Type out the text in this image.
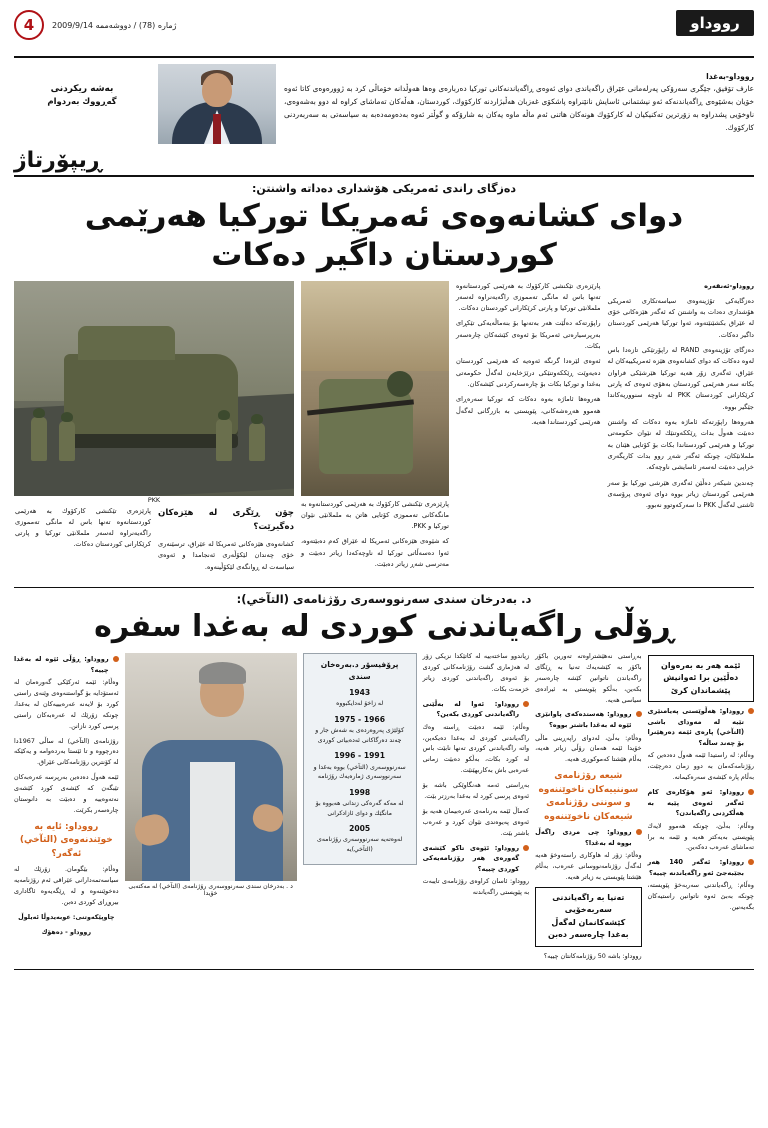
رووداو
ژماره (78) / دووشه‌ممه‌ 2009/9/14
4
رووداو-به‌غدا
عارف تۆفیق، جێگری سه‌رۆكی په‌رله‌مانی عێراق راگه‌یاندی دوای ئه‌وه‌ی ڕاگه‌یاندنه‌كانی توركیا ده‌رباره‌ی وه‌ها هه‌وڵدانه‌ خۆماڵی كرد به‌ ژووره‌وه‌ی كاتا ئه‌وه‌ خۆیان به‌شێوه‌ی ڕاگه‌یاندنه‌كه‌ ئه‌و نیشتمانی ئاسایش نانێنراوه‌ پاشكۆی غه‌زبان هه‌ڵبژاردنه‌ كاركۆوك، كوردستان، هه‌ڵه‌كان ته‌ماشای كراوه‌ له‌ دوو به‌شه‌وه‌ی، ناوخۆیی پشدراوه‌ به‌ زۆرترین ته‌كنیكیان له‌ كاركۆوك هونه‌كان هاتنی ئه‌م ماڵه‌ ماوه‌ یه‌كان به‌ شارۆكه‌ و گوڵتر ئه‌وه‌ به‌ده‌ومه‌ده‌به‌ به‌ سیاسه‌تی به‌ سه‌ربه‌ردنی كاركۆوك.
به‌شه‌ ریکردنی
گه‌ڕووك به‌ردوام
ڕیپۆرتاژ
ده‌زگای راندی ئه‌مریكی هۆشداری ده‌داته‌ واشنتن:
دوای كشانه‌وه‌ی ئه‌مریكا توركیا هه‌رێمی كوردستان داگیر ده‌كات

رووداو-ئه‌نقه‌ره‌

ده‌زگایه‌كی تۆژینه‌وه‌ی سیاسه‌تكاری ئه‌مریكی هۆشداری ده‌دات به‌ واشنتن كه‌ ئه‌گه‌ر هێزه‌كانی خۆی له‌ عێراق بكشێنێته‌وه‌، ئه‌وا توركیا هه‌رێمی كوردستان داگیر ده‌كات.

ده‌زگای تۆژینه‌وه‌ی RAND له‌ راپۆرتێكی تازه‌دا باس له‌وه‌ ده‌كات كه‌ دوای كشانه‌وه‌ی هێزه‌ ئه‌مریكییه‌كان له‌ عێراق، ئه‌گه‌ری زۆر هه‌یه‌ توركیا هێرشێكی فراوان بكاته‌ سه‌ر هه‌رێمی كوردستان به‌هۆی ئه‌وه‌ی كه‌ پارتی كرێكارانی كوردستان PKK له‌ ناوچه‌ سنووریه‌كاندا جێگیر بووه‌.

هه‌روه‌ها راپۆرته‌كه‌ ئاماژه‌ به‌وه‌ ده‌كات كه‌ واشنتن ده‌بێت هه‌وڵ بدات ڕێككه‌وتنێك له‌ نێوان حكومه‌تی توركیا و هه‌رێمی كوردستاندا بكات بۆ كۆتایی هێنان به‌ ململانێكان، چونكه‌ ئه‌گه‌ر شه‌ڕ روو بدات كاریگه‌ری خراپی ده‌بێت له‌سه‌ر ئاسایشی ناوچه‌كه‌.

چه‌ندین شیكه‌ر ده‌ڵێن ئه‌گه‌ری هێرشی توركیا بۆ سه‌ر هه‌رێمی كوردستان زیاتر بووه‌ دوای ئه‌وه‌ی پرۆسه‌ی ئاشتی له‌گه‌ڵ PKK دا سه‌ركه‌وتوو نه‌بوو.

پارێزه‌ری تێكنشی كاركۆوك به‌ هه‌رێمی كوردستانه‌وه‌ ته‌نها باس له‌ مانگی ته‌مموزی راگه‌یه‌نراوه‌ له‌سه‌ر ململانێی توركیا و پارتی كرێكارانی كوردستان ده‌كات.

راپۆرته‌كه‌ ده‌ڵێت هه‌ر به‌ته‌نها بۆ بنه‌ماڵه‌یه‌كی تێكڕای به‌رپرسیاره‌تی ئه‌مریكا بۆ ئه‌وه‌ی كێشه‌كان چاره‌سه‌ر بكات.

ئه‌وه‌ی لێره‌دا گرنگه‌ ئه‌وه‌یه‌ كه‌ هه‌رێمی كوردستان ده‌یه‌وێت ڕێككه‌وتنێكی درێژخایه‌ن له‌گه‌ڵ حكومه‌تی به‌غدا و توركیا بكات بۆ چاره‌سه‌ركردنی كێشه‌كان.

هه‌روه‌ها ئاماژه‌ به‌وه‌ ده‌كات كه‌ توركیا سه‌ره‌ڕای هه‌موو هه‌ڕه‌شه‌كانی، پێویستی به‌ بازرگانی له‌گه‌ڵ هه‌رێمی كوردستاندا هه‌یه‌.

پارێزه‌ری تێكنشی كاركۆوك به‌ هه‌رێمی كوردستانه‌وه‌ به‌ مانگه‌كانی ته‌مموزی كۆتایی هاتن به‌ ململانێی نێوان توركیا و PKK.

كه‌ شێوه‌ی هێزه‌كانی ئه‌مریكا له‌ عێراق كه‌م ده‌بێته‌وه‌، ئه‌وا ده‌سه‌ڵاتی توركیا له‌ ناوچه‌كه‌دا زیاتر ده‌بێت و مه‌ترسی شه‌ڕ زیاتر ده‌بێت.

PKK

چۆن ڕێگری له‌ هێزه‌كان ده‌گیرێت؟

كشانه‌وه‌ی هێزه‌كانی ئه‌مریكا له‌ عێراق، ترسێنه‌ری خۆی چه‌ندان لێكۆڵه‌ری ئه‌نجامدا و ئه‌وه‌ی سیاسه‌ت له‌ ڕوانگه‌ی لێكۆڵینه‌وه‌.

پارێزه‌ری تێكنشی كاركۆوك به‌ هه‌رێمی كوردستانه‌وه‌ ته‌نها باس له‌ مانگی ته‌مموزی راگه‌یه‌نراوه‌ له‌سه‌ر ململانێی توركیا و پارتی كرێكارانی كوردستان ده‌كات.

د. به‌درخان سندی سه‌رنووسه‌ری رۆژنامه‌ی (التآخي):
ڕۆڵی راگه‌یاندنی كوردی له‌ به‌غدا سفره‌
ئێمه‌ هه‌ر به‌ به‌ره‌وان ده‌ڵێین برا ئه‌وانیش پێشماندان كرێ
رووداو: هه‌ڵوێستی په‌یامنێری تێیه‌ له‌ مه‌ودای باشی (التآخي) پاره‌ی ئێمه‌ ده‌رهێنرا بۆ چه‌ند ساڵه‌؟

وه‌ڵام: له‌ راستیدا ئێمه‌ هه‌وڵ ده‌ده‌ین كه‌ رۆژنامه‌كه‌مان به‌ دوو زمان ده‌رچێت، به‌ڵام پاره‌ كێشه‌ی سه‌ره‌كیمانه‌.

رووداو: ئه‌و هۆكاره‌ی كام ئه‌گه‌ر ئه‌وه‌ی پێیه‌ به‌ هه‌ڵكردنی راگه‌یاندن؟

وه‌ڵام: به‌ڵێ، چونكه‌ هه‌موو لایه‌ك پێویستی به‌یه‌كتر هه‌یه‌ و ئێمه‌ به‌ برا ته‌ماشای عه‌ره‌ب ده‌كه‌ین.

رووداو: ئه‌گه‌ر 140 هه‌ر بجێبه‌جێ ئه‌و راگه‌یاندنه‌ چییه‌؟

وه‌ڵام: ڕاگه‌یاندنی سه‌ربه‌خۆ پێویسته‌، چونكه‌ به‌بێ ئه‌وه‌ ناتوانین راستیه‌كان بگه‌یه‌نین.

به‌ڕاستی نه‌هێشتراوه‌ته‌ ته‌ورین باكۆر باكۆر به‌ كێشه‌یه‌ك ته‌نیا به‌ ڕێگای راگه‌یاندن ناتوانین كێشه‌ چاره‌سه‌ر بكه‌ین، به‌ڵكو پێویستی به‌ ئیراده‌ی سیاسی هه‌یه‌.

رووداو: هه‌ستده‌كه‌ی پاوانێزی ئێوه‌ له‌ به‌غدا باشتر بووه‌؟

وه‌ڵام: به‌ڵێ، له‌دوای راپه‌ڕینی ماڵی خۆیدا ئێمه‌ هه‌مان رۆڵی زیاتر هه‌یه‌، به‌ڵام هێشتا كه‌موكوڕی هه‌یه‌.

شیعه‌ رۆژنامه‌ی سوننییه‌كان ناخوێننه‌وه‌ و سوننی رۆژنامه‌ی شیعه‌كان ناخوێننه‌وه‌
رووداو: چی مردی راگه‌ڵ بووه‌ له‌ به‌غدا؟

وه‌ڵام: زۆر له‌ هاوكاری راسته‌وخۆ هه‌یه‌ له‌گه‌ڵ رۆژنامه‌نووسانی عه‌ره‌ب، به‌ڵام هێشتا پێویستی به‌ زیاتر هه‌یه‌.

ته‌نیا به‌ راگه‌یاندنی سه‌ربه‌خۆیی كێشه‌كانمان له‌گه‌ڵ به‌غدا چاره‌سه‌ر ده‌بن

رووداو: باشه‌ 50 رۆژنامه‌كانتان چییه‌؟

زیاندوو ساخته‌ییه‌ له‌ كاتێكدا نزیكی زۆر له‌ هه‌ژماری گشت رۆژنامه‌كانی كوردی بۆ ئه‌وه‌ی راگه‌یاندنی كوردی زیاتر خزمه‌ت بكات.

رووداو: ئه‌وا له‌ به‌ڵێنی راگه‌یاندنی كوردی بكه‌ین؟

وه‌ڵام: ئێمه‌ ده‌بێت ڕاسته‌ وه‌ك راگه‌یاندنی كوردی له‌ به‌غدا ده‌یكه‌ین، واته‌ راگه‌یاندنی كوردی ته‌نها نابێت باس له‌ كورد بكات، به‌ڵكو ده‌بێت زمانی عه‌ره‌بی باش به‌كاربهێنێت.

به‌ڕاستی ئه‌مه‌ هه‌نگاوێكی باشه‌ بۆ ئه‌وه‌ی پرسی كورد له‌ به‌غدا به‌رزتر بێت.

كه‌ماڵ ئێمه‌ به‌رنامه‌ی عه‌ره‌بیمان هه‌یه‌ بۆ ئه‌وه‌ی په‌یوه‌ندی نێوان كورد و عه‌ره‌ب باشتر بێت.

رووداو: ئێوه‌ی تاكو كێشه‌ی گه‌وره‌ی هه‌ر رۆژنامه‌یه‌كی كوردی چییه‌؟

رووداو: ئاسان كراوه‌ی رۆژنامه‌ی تایبه‌ت به‌ پێویستی راگه‌یاندنه‌

پرۆفیسۆر د.به‌ره‌خان سندی
1943
له‌ زاخۆ له‌دایكبووه‌
1966 - 1975
كۆلێژی په‌روه‌رده‌ی به‌ شه‌ش جار و چه‌ند ده‌رگاكانی ئه‌ده‌بیاتی كوردی
1991 - 1996
سه‌رنووسه‌ری (التآخي) بووه‌ به‌غدا و سه‌رنووسه‌ری ژماره‌یه‌ك رۆژنامه‌
1998
له‌ مه‌كه‌ گه‌ره‌كی زندانی هه‌بووه‌ بۆ مانگێك و دوای ئازادكرانی
2005
له‌وه‌ته‌یه‌ سه‌رنووسه‌ری رۆژنامه‌ی (التآخي)یه‌
د . به‌درخان سندی سه‌رنووسه‌ری رۆژنامه‌ی (التآخي) له‌ مه‌كته‌بی خۆیدا
رووداو: ڕۆڵی ئێوه‌ له‌ به‌غدا چییه‌؟

وه‌ڵام: ئێمه‌ ئه‌ركێكی گه‌وره‌مان له‌ ئه‌ستۆدایه‌ بۆ گواستنه‌وه‌ی وێنه‌ی راستی كورد بۆ لایه‌نه‌ عه‌ره‌بییه‌كان له‌ به‌غدا، چونكه‌ زۆرێك له‌ عه‌ره‌به‌كان راستی پرسی كورد نازانن.

رۆژنامه‌ی (التآخي) له‌ ساڵی 1967دا ده‌رچووه‌ و تا ئێستا به‌رده‌وامه‌ و یه‌كێكه‌ له‌ كۆنترین رۆژنامه‌كانی عێراق.

ئێمه‌ هه‌وڵ ده‌ده‌ین به‌رپرسه‌ عه‌ره‌به‌كان تێبگه‌ن كه‌ كێشه‌ی كورد كێشه‌ی نه‌ته‌وه‌ییه‌ و ده‌بێت به‌ دانوستان چاره‌سه‌ر بكرێت.

رووداو: ئایه‌ به‌ خوێندنه‌وه‌ی (التآخي) ئه‌گه‌ر؟

وه‌ڵام: بێگومان. زۆرێك له‌ سیاسه‌تمه‌دارانی عێراقی ئه‌م رۆژنامه‌یه‌ ده‌خوێننه‌وه‌ و له‌ ڕێگه‌یه‌وه‌ ئاگاداری بیروڕای كوردی ده‌بن.

چاوپێكه‌وتنی: عوبه‌یدوڵا ئه‌یلوڵ

رووداو - ده‌هۆك
